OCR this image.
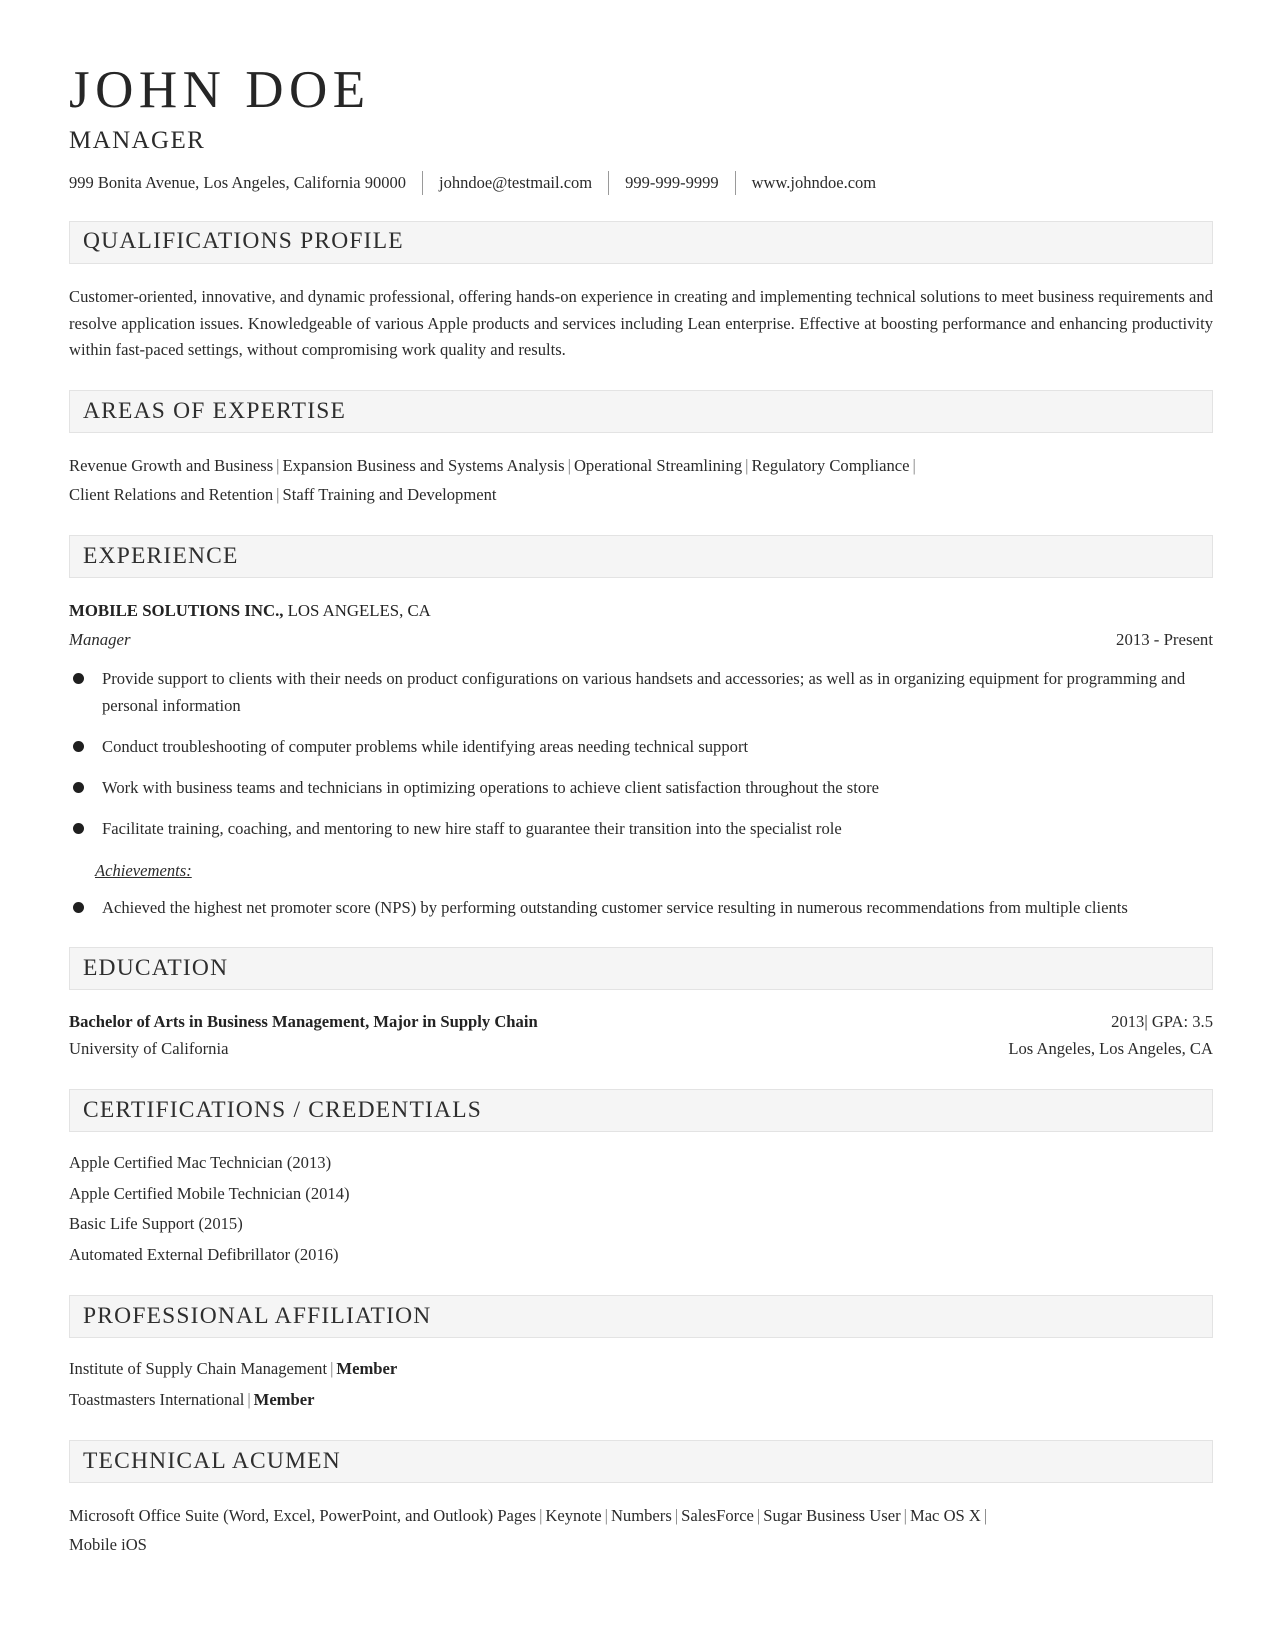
JOHN DOE
MANAGER
999 Bonita Avenue, Los Angeles, California 90000 johndoe@testmail.com 999-999-9999 www.johndoe.com
QUALIFICATIONS PROFILE

Customer-oriented, innovative, and dynamic professional, offering hands-on experience in creating and implementing technical solutions to meet business requirements and resolve application issues. Knowledgeable of various Apple products and services including Lean enterprise. Effective at boosting performance and enhancing productivity within fast-paced settings, without compromising work quality and results.

AREAS OF EXPERTISE
Revenue Growth and Business | Expansion Business and Systems Analysis | Operational Streamlining | Regulatory Compliance |
Client Relations and Retention | Staff Training and Development
EXPERIENCE
MOBILE SOLUTIONS INC., LOS ANGELES, CA
Manager	2013 - Present
Provide support to clients with their needs on product configurations on various handsets and accessories; as well as in organizing equipment for programming and personal information
Conduct troubleshooting of computer problems while identifying areas needing technical support
Work with business teams and technicians in optimizing operations to achieve client satisfaction throughout the store
Facilitate training, coaching, and mentoring to new hire staff to guarantee their transition into the specialist role
Achievements:
Achieved the highest net promoter score (NPS) by performing outstanding customer service resulting in numerous recommendations from multiple clients
EDUCATION
Bachelor of Arts in Business Management, Major in Supply Chain	2013| GPA: 3.5
University of California	Los Angeles, Los Angeles, CA
CERTIFICATIONS / CREDENTIALS
Apple Certified Mac Technician (2013)
Apple Certified Mobile Technician (2014)
Basic Life Support (2015)
Automated External Defibrillator (2016)
PROFESSIONAL AFFILIATION
Institute of Supply Chain Management | Member
Toastmasters International | Member
TECHNICAL ACUMEN
Microsoft Office Suite (Word, Excel, PowerPoint, and Outlook) Pages | Keynote | Numbers | SalesForce | Sugar Business User | Mac OS X |
Mobile iOS
